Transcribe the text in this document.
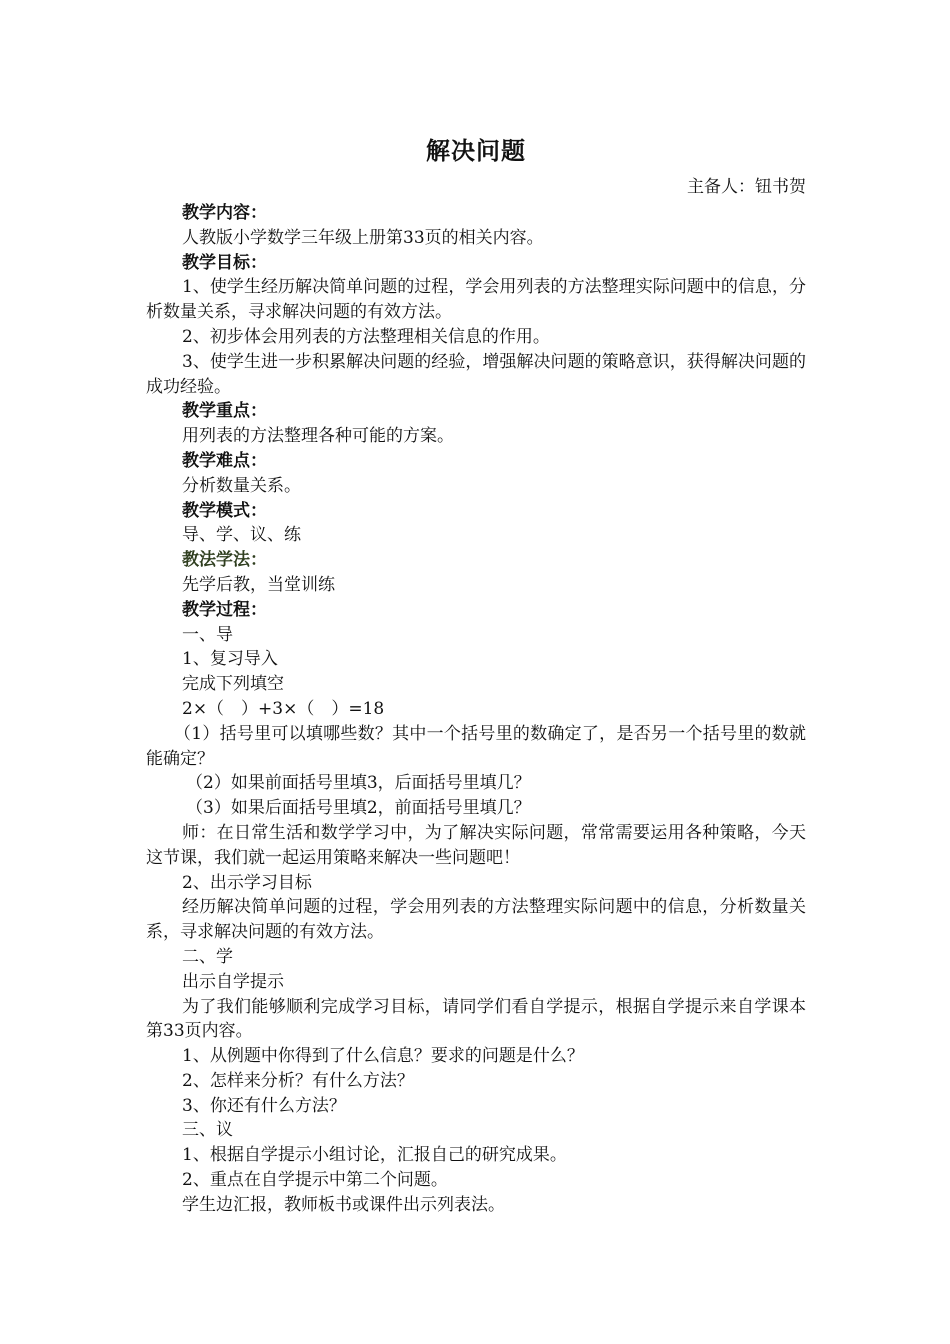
解决问题
主备人：钮书贺

教学内容：

人教版小学数学三年级上册第33页的相关内容。

教学目标：

1、使学生经历解决简单问题的过程，学会用列表的方法整理实际问题中的信息，分析数量关系，寻求解决问题的有效方法。

2、初步体会用列表的方法整理相关信息的作用。

3、使学生进一步积累解决问题的经验，增强解决问题的策略意识，获得解决问题的成功经验。

教学重点：

用列表的方法整理各种可能的方案。

教学难点：

分析数量关系。

教学模式：

导、学、议、练

教法学法：

先学后教，当堂训练

教学过程：

一、导

1、复习导入

完成下列填空

2×（　）+3×（　）=18

（1）括号里可以填哪些数？其中一个括号里的数确定了，是否另一个括号里的数就能确定？

（2）如果前面括号里填3，后面括号里填几？

（3）如果后面括号里填2，前面括号里填几？

师：在日常生活和数学学习中，为了解决实际问题，常常需要运用各种策略，今天这节课，我们就一起运用策略来解决一些问题吧！

2、出示学习目标

经历解决简单问题的过程，学会用列表的方法整理实际问题中的信息，分析数量关系，寻求解决问题的有效方法。

二、学

出示自学提示

为了我们能够顺利完成学习目标，请同学们看自学提示，根据自学提示来自学课本第33页内容。

1、从例题中你得到了什么信息？要求的问题是什么？

2、怎样来分析？有什么方法？

3、你还有什么方法？

三、议

1、根据自学提示小组讨论，汇报自己的研究成果。

2、重点在自学提示中第二个问题。

学生边汇报，教师板书或课件出示列表法。
